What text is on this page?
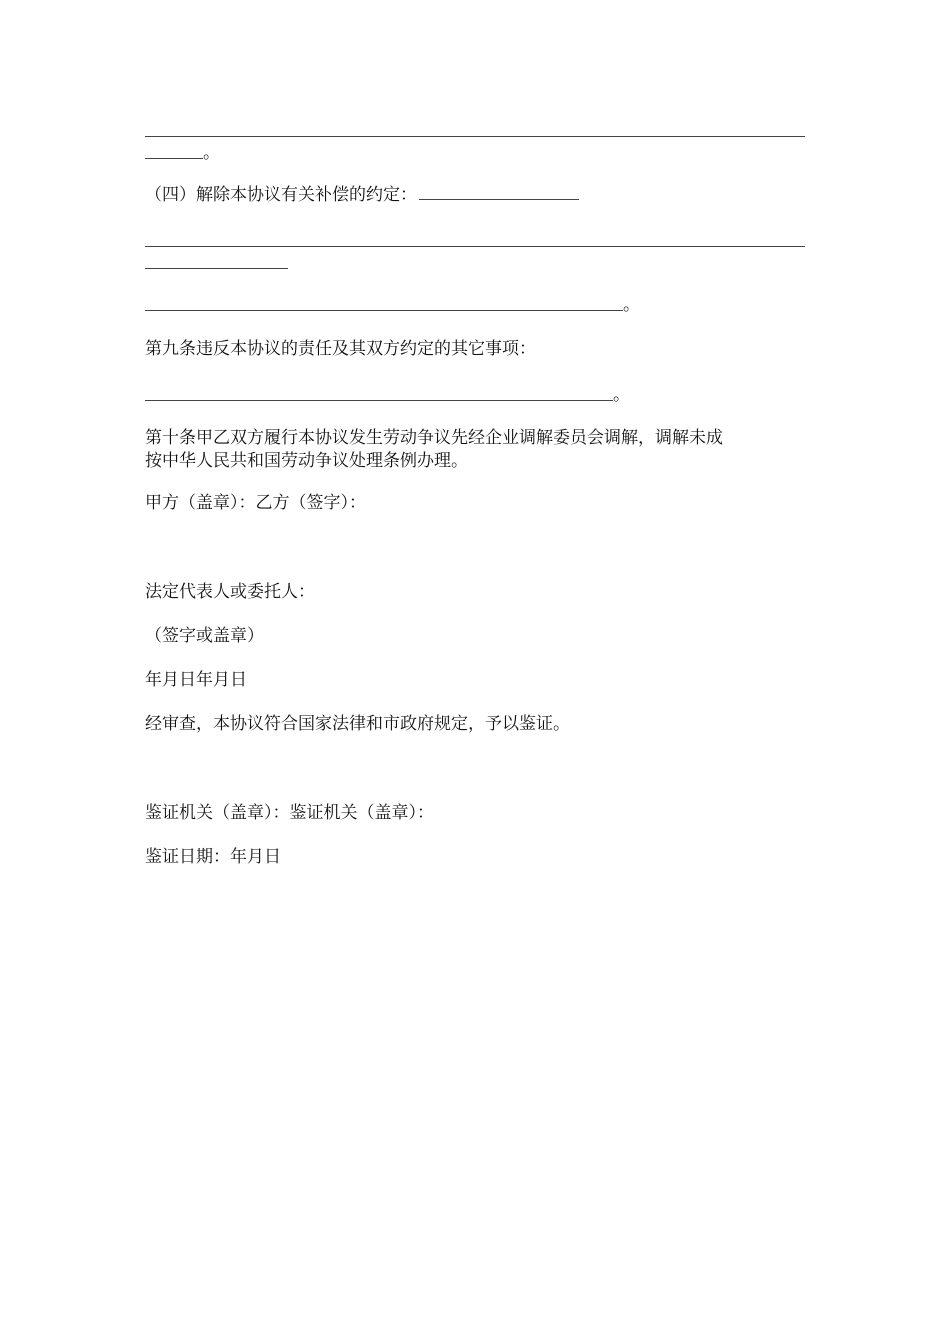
。

（四）解除本协议有关补偿的约定：

。

第九条违反本协议的责任及其双方约定的其它事项：

。

第十条甲乙双方履行本协议发生劳动争议先经企业调解委员会调解，调解未成

按中华人民共和国劳动争议处理条例办理。

甲方（盖章）：乙方（签字）：

法定代表人或委托人：

（签字或盖章）

年月日年月日

经审查，本协议符合国家法律和市政府规定，予以鉴证。

鉴证机关（盖章）：鉴证机关（盖章）：

鉴证日期：年月日
